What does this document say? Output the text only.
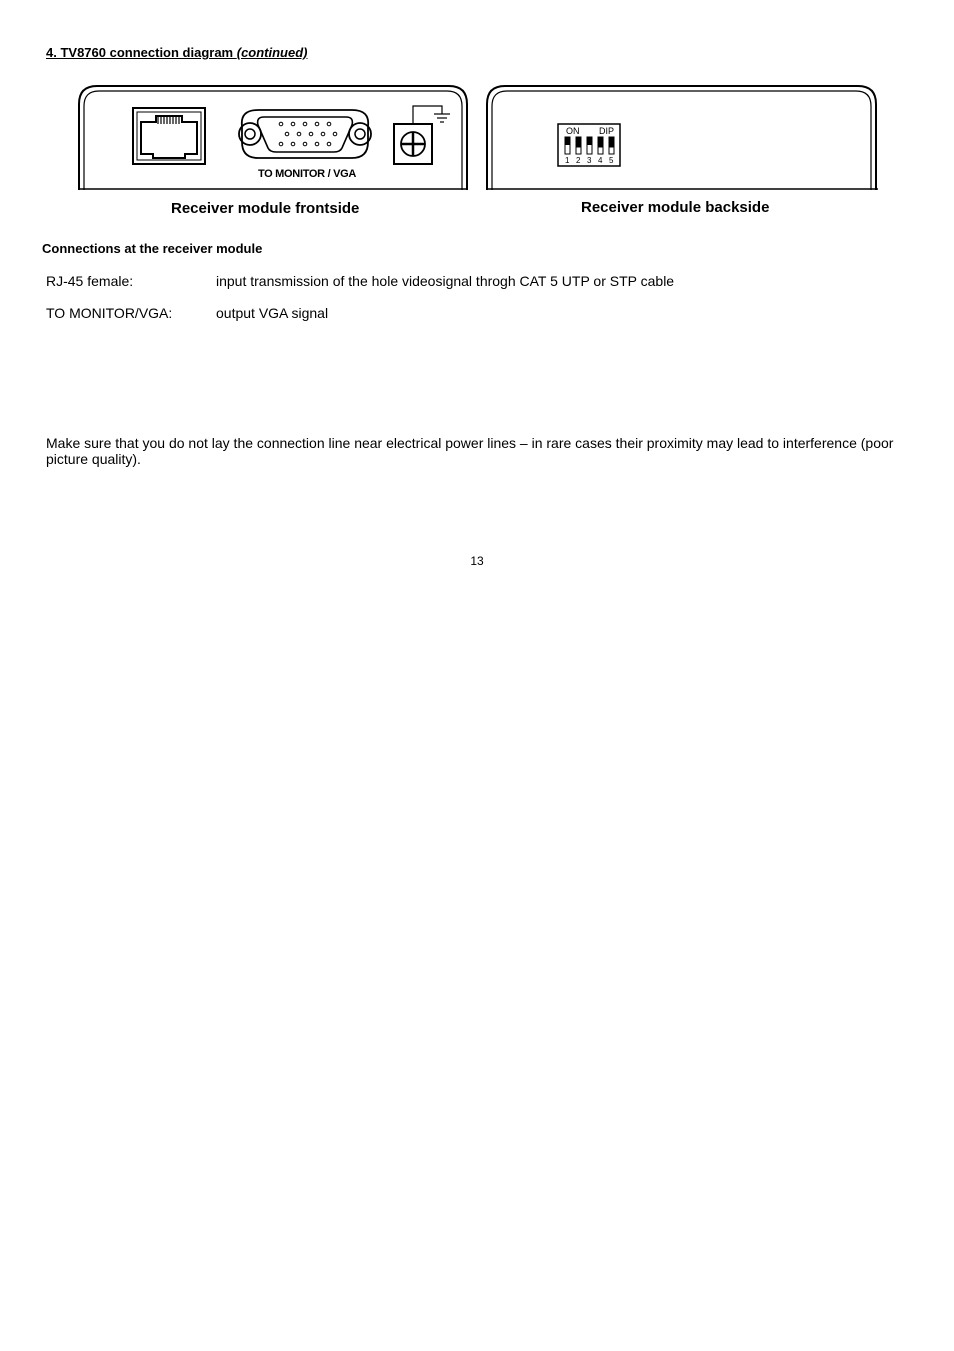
4. TV8760 connection diagram (continued)
TO MONITOR / VGA
ON DIP
1 2 3 4 5
Receiver module frontside	Receiver module backside
Connections at the receiver module
RJ-45 female:	input transmission of the hole videosignal throgh CAT 5 UTP or STP cable
TO MONITOR/VGA:	output VGA signal
Make sure that you do not lay the connection line near electrical power lines – in rare cases their proximity may lead to interference (poor picture quality).
13
